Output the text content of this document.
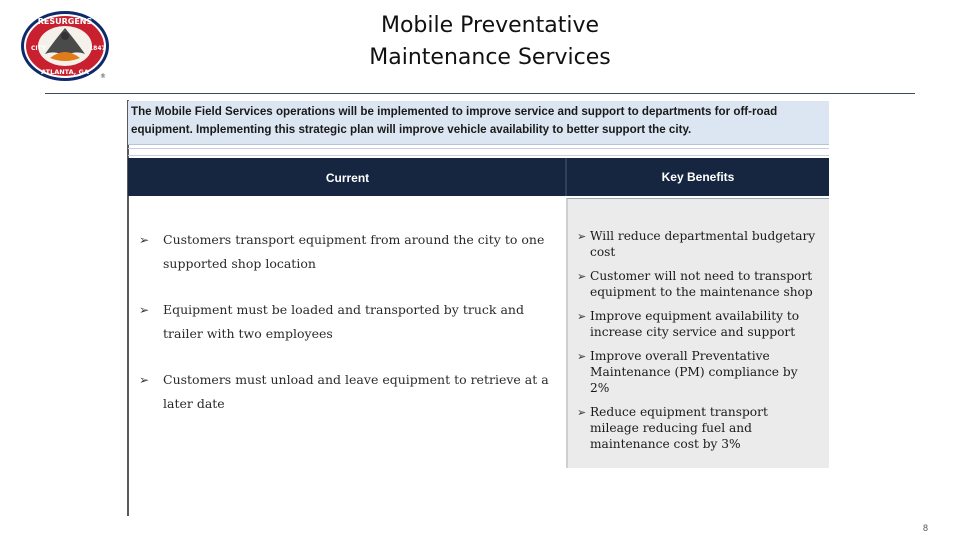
RESURGENS
ATLANTA, GA
CITY	1847
®
Mobile Preventative
Maintenance Services
The Mobile Field Services operations will be implemented to improve service and support to departments for off-road equipment. Implementing this strategic plan will improve vehicle availability to better support the city.
Current	Key Benefits
➢ Customers transport equipment from around the city to one supported shop location
➢ Equipment must be loaded and transported by truck and trailer with two employees
➢ Customers must unload and leave equipment to retrieve at a later date
➢ Will reduce departmental budgetary cost
➢ Customer will not need to transport equipment to the maintenance shop
➢ Improve equipment availability to increase city service and support
➢ Improve overall Preventative Maintenance (PM) compliance by 2%
➢ Reduce equipment transport mileage reducing fuel and maintenance cost by 3%
8
